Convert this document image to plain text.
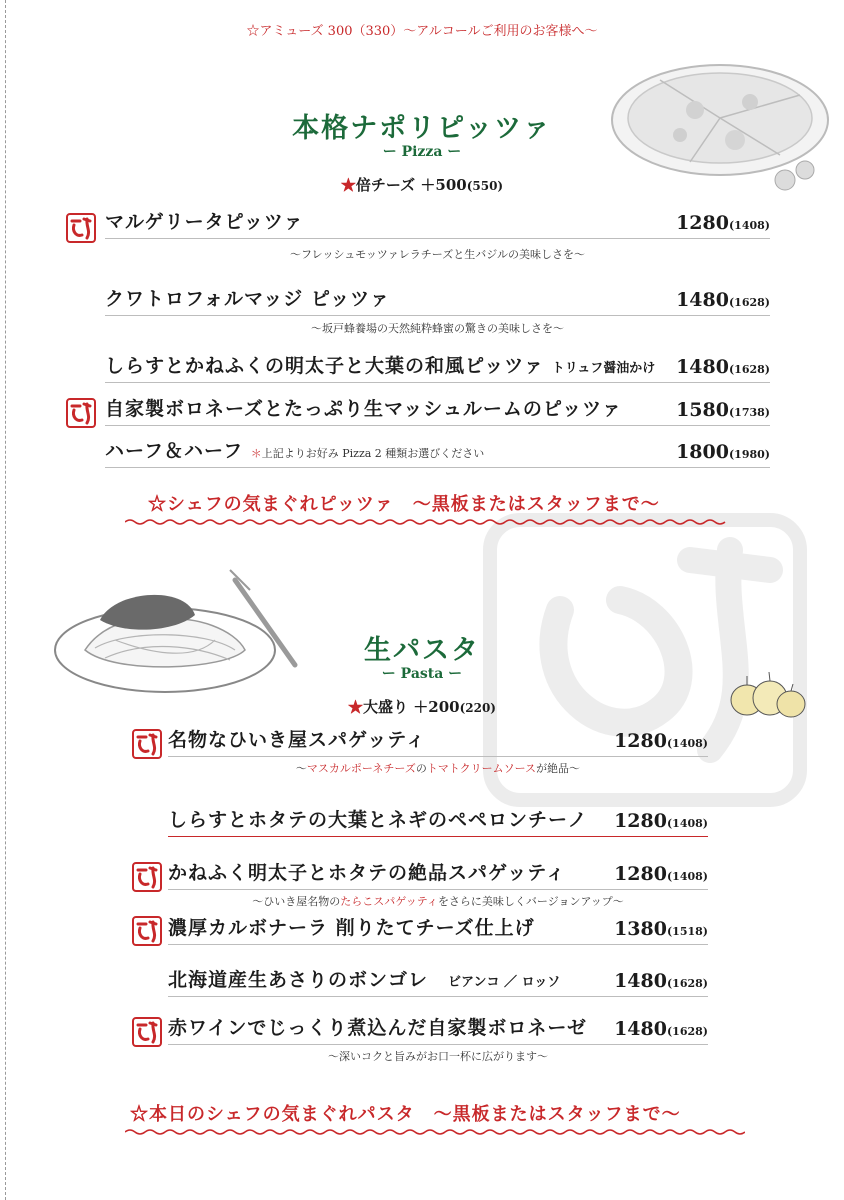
☆アミューズ 300（330）～アルコールご利用のお客様へ～
本格ナポリピッツァ
ー Pizza ー
★倍チーズ ＋500(550)
マルゲリータピッツァ	1280(1408)
～フレッシュモッツァレラチーズと生バジルの美味しさを～
クワトロフォルマッジ ピッツァ	1480(1628)
～坂戸蜂養場の天然純粋蜂蜜の驚きの美味しさを～
しらすとかねふくの明太子と大葉の和風ピッツァ トリュフ醤油かけ 1480(1628)
自家製ボロネーズとたっぷり生マッシュルームのピッツァ	1580(1738)
ハーフ＆ハーフ ＊上記よりお好み Pizza 2 種類お選びください	1800(1980)
☆シェフの気まぐれピッツァ　～黒板またはスタッフまで～
生パスタ
ー Pasta ー
★大盛り ＋200(220)
名物なひいき屋スパゲッティ	1280(1408)
～マスカルポーネチーズのトマトクリームソースが絶品～
しらすとホタテの大葉とネギのペペロンチーノ 1280(1408)
かねふく明太子とホタテの絶品スパゲッティ	1280(1408)
～ひいき屋名物のたらこスパゲッティをさらに美味しくバージョンアップ～
濃厚カルボナーラ 削りたてチーズ仕上げ	1380(1518)
北海道産生あさりのボンゴレ　 ビアンコ ／ ロッソ	1480(1628)
赤ワインでじっくり煮込んだ自家製ボロネーゼ 1480(1628)
～深いコクと旨みがお口一杯に広がります～
☆本日のシェフの気まぐれパスタ　～黒板またはスタッフまで～
